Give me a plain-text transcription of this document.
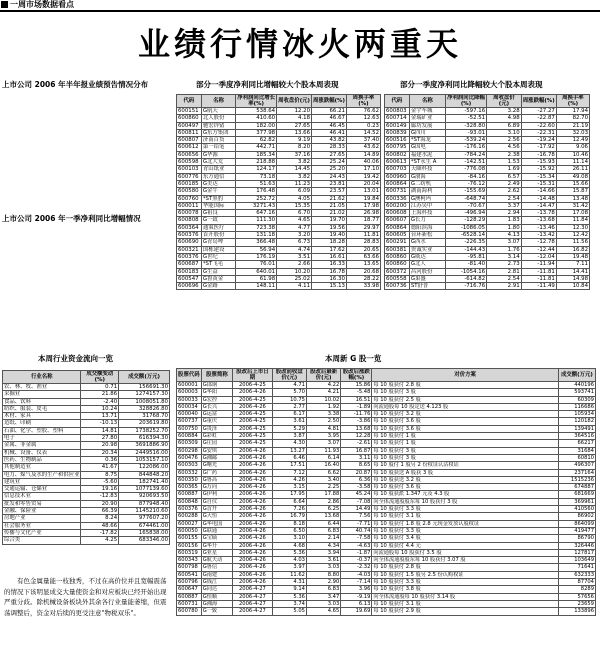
一周市场数据看点
业绩行情冰火两重天
上市公司 2006 年半年报业绩预告情况分布
上市公司 2006 年一季净利同比增幅情况
部分一季度净利同比增幅较大个股本周表现
代码	名称	净利润同比增长率(%)	周收盘价(元)	周涨跌幅(%)	周换手率(%)
600151	G航天	538.64	12.20	66.21	76.62
600860	北人股份	410.60	4.18	46.67	12.63
600497	驰宏锌锗	182.00	27.65	46.45	0.23
600811	G东方集团	377.98	13.66	46.41	14.52
600807	济南百货	62.82	9.19	43.82	37.40
600612	第一铅笔	442.71	8.20	28.33	43.62
600656	G华源	185.34	37.16	27.65	14.89
600598	G北大荒	218.88	3.82	25.24	40.06
600103	青山纸业	124.17	14.45	25.20	17.10
600776	东方通信	73.18	3.82	24.43	19.42
600185	G美达	51.63	11.23	23.81	20.04
600580	G金牛	176.48	6.09	23.57	13.01
600760	*ST黑豹	252.72	4.05	21.62	19.84
600011	华能国际	3271.43	15.35	21.05	17.98
600078	G祖良	647.16	6.70	21.02	26.98
600808	G一致	111.30	4.65	19.70	18.77
600364	通策医疗	723.38	4.77	19.56	29.97
600376	首开股份	131.18	3.20	19.40	11.81
600690	G青岛啤	366.48	6.73	18.28	28.83
600321	国栋建设	56.94	4.74	17.62	20.65
600376	G世纪	176.19	3.51	16.61	63.66
600687	*ST飞毛	76.01	2.66	16.33	13.65
600183	G生益	640.01	10.20	16.78	20.68
600547	G鲁黄金	61.98	25.02	16.30	28.22
600696	G金路	148.11	4.11	15.13	33.98
部分一季度净利同比降幅较大个股本周表现
代码	名称	净利润同比降幅(%)	周收盘价(元)	周涨跌幅(%)	周换手率(%)
600803	金宇车城	-597.16	3.28	-27.27	17.94
600714	金瑞矿业	-52.51	4.98	-22.87	82.70
600149	廊坊发展	-328.80	6.89	-22.60	21.19
600839	G四川	-93.01	3.10	-22.31	32.03
600516	*ST海龙	-539.24	2.56	-19.24	12.49
600795	G国电	-176.16	4.56	-17.92	9.06
600802	福建水泥	-784.24	2.38	-16.78	10.46
600613	*ST永生 A	-142.51	1.53	-15.93	11.14
600703	天颐科技	-776.08	1.69	-15.92	26.11
600960	G渤海	-84.16	6.57	-15.34	49.08
600864	G二纺机	-76.12	2.49	-15.31	15.66
600731	湖南海利	-155.69	2.62	-14.66	15.87
600336	G澳柯玛	-648.74	2.54	-14.48	13.48
600200	江苏吴中	-70.67	3.37	-14.47	31.42
600608	上海科技	-496.94	2.94	-13.78	17.08
600607	G长力	-128.29	1.83	-13.68	11.84
600864	德阳滨海	-1086.05	1.80	-13.46	12.30
600605	台环新松	-6528.14	4.13	-13.42	12.42
600291	G西水	-226.35	3.07	-12.78	11.56
600381	贵诚实业	-144.43	1.76	-12.44	16.82
600860	G威达	-95.81	3.14	-12.04	19.48
600860	G北人	-81.40	2.73	-11.94	7.11
600372	昌河股份	-1054.16	2.81	-11.81	14.41
600558	G果盛	-614.82	2.54	-11.81	14.98
600736	ST舒普	-716.76	2.91	-11.49	10.84
本周行业资金流向一览
行业名称	成交额变动(%)	成交额(万元)
农、林、牧、渔业	0.71	156691.30
采掘业	21.86	1274157.30
食品、饮料	-2.40	1008051.80
纺织、服装、皮毛	10.24	328826.80
木材、家具	13.71	31768.70
造纸、印刷	-10.13	203619.80
石油、化学、塑胶、塑料	14.81	1738252.70
电子	27.80	616394.30
金属、非金属	20.98	3691886.90
机械、设备、仪表	20.34	2449516.00
医药、生物制品	0.36	1053157.10
其他制造业	41.67	122086.00
电力、煤气及水的生产和供应业	8.75	844848.20
建筑业	-5.60	182741.40
交通运输、仓储业	19.16	1077139.60
信息技术业	-12.83	920693.50
批发和零售贸易	20.90	877948.40
金融、保险业	66.39	1145210.60
房地产业	8.24	977607.20
社会服务业	48.66	674461.00
传播与文化产业	-17.82	165838.00
综合类	4.25	683346.00
有色金属量能一枝独秀，不过在高价位并且宽幅震荡的情况下该明显成交大量使资金和对应板块已经开始出现严重分歧。除机械设备板块外其余各行业量能萎缩，但震荡调整后，资金对后续的更受注意"物税双乐"。
本周新 G 股一览
股票代码	股票简称	股改后上市日期	股改前收盘价(元)	股改后最新价(元)	股改后涨跌幅(%)	对价方案	成交额(万元)
600001	G邯钢	2006-4-25	4.71	4.22	15.86	每 10 股获付 2.8 股	440196
600003	G华阳	2006-4-26	5.70	4.21	-5.48	每 10 股获付 3 股	593741
600033	G宏控	2006-4-25	10.75	10.02	16.51	每 10 股获付 2.5 股	60309
600034	G长兴	2006-4-26	2.77	1.92	-1.89	向流通股每 10 股定送 4.123 股	116686
600040	G运富	2006-4-25	6.17	3.38	-11.76	每 10 股获付 3.2 股	105934
600737	G重庆	2006-4-25	3.61	2.50	-3.86	每 10 股获付 3.6 股	120182
600750	G贵泽	2006-4-25	5.29	4.81	13.68	每 10 股获付 3.6 股	139491
600884	G彩虹	2006-4-25	3.87	3.95	12.28	每 10 股获付 1 股	364516
600309	G庄园	2006-4-25	4.30	3.07	-2.61	每 10 股获付 1 股	66217
600298	G安琪	2006-4-26	13.27	11.93	16.87	每 10 股获付 3 股	31684
600476	G湘邮	2006-4-26	6.46	6.14	3.11	每 10 股获付 3 股	60810
600303	G曙光	2006-4-26	17.51	16.40	8.65	每 10 股付 1 股另 2 份权证认沽权证	496307
600332	G广药	2006-4-26	7.12	6.62	20.87	每 10 股获送 A 股获 3 股	237164
600350	G鲁高	2006-4-26	4.26	3.40	6.36	每 10 股获送 3.2 股	1515236
600365	G万向	2006-4-26	3.15	2.25	-3.58	每 10 股获付 3.6 股	674887
600887	G伊利	2006-4-26	17.95	17.88	45.24	每 10 股获派 1.347 元及 4.3 股	681669
600848	G自仪	2006-4-26	6.64	2.86	-7.08	向全体流通股股东每 10 股获付 3 股	369961
600376	G首开	2006-4-26	7.26	6.25	14.49	每 10 股获付 3.3 股	410560
600288	G大恒	2006-4-26	16.79	13.68	7.56	每 10 股获付 3.1 股	86902
600027	G华电国	2006-4-26	8.18	6.44	-7.71	每 10 股获付 1.8 股 2.8 元现金发放认股权证	864099
600050	G联通	2006-4-26	6.50	6.83	40.74	每 10 股获付 3.3 股	419477
600155	G宝硕	2006-4-26	3.10	2.14	-7.58	每 10 股获付 3.4 股	86790
600156	G华升	2006-4-26	4.68	4.34	-4.63	每 10 股获付 4.4 元	326446
600319	G亚星	2006-4-26	5.36	3.94	-1.87	向流通股每 10 股获付 3.5 股	127817
600343	G航天动	2006-4-26	4.03	3.61	-0.37	向全体流通股股东每 10 股获付 3.07 股	103649
600798	G鲁信	2006-4-26	3.97	3.03	-2.32	每 10 股获付 2.8 股	71641
600541	G南建	2006-4-26	11.62	8.80	-4.03	每 10 股获付 1.5 股另 2.5 份认购权证	632333
600796	G钱江	2006-4-26	4.31	2.90	-7.14	每 10 股获付 3.3 股	87704
600647	G同达	2006-4-27	9.14	6.83	3.96	每 10 股获付 3.8 股	8289
600887	G恒顺	2006-4-27	5.36	3.47	-9.19	向全体流通股每 10 股获付 3.14 股	57656
600731	G湘海	2006-4-27	3.74	3.03	6.13	每 10 股获付 3.1 股	23659
600780	G一致	2006-4-27	5.05	4.65	19.69	每 10 股获付 2.9 股	133896
